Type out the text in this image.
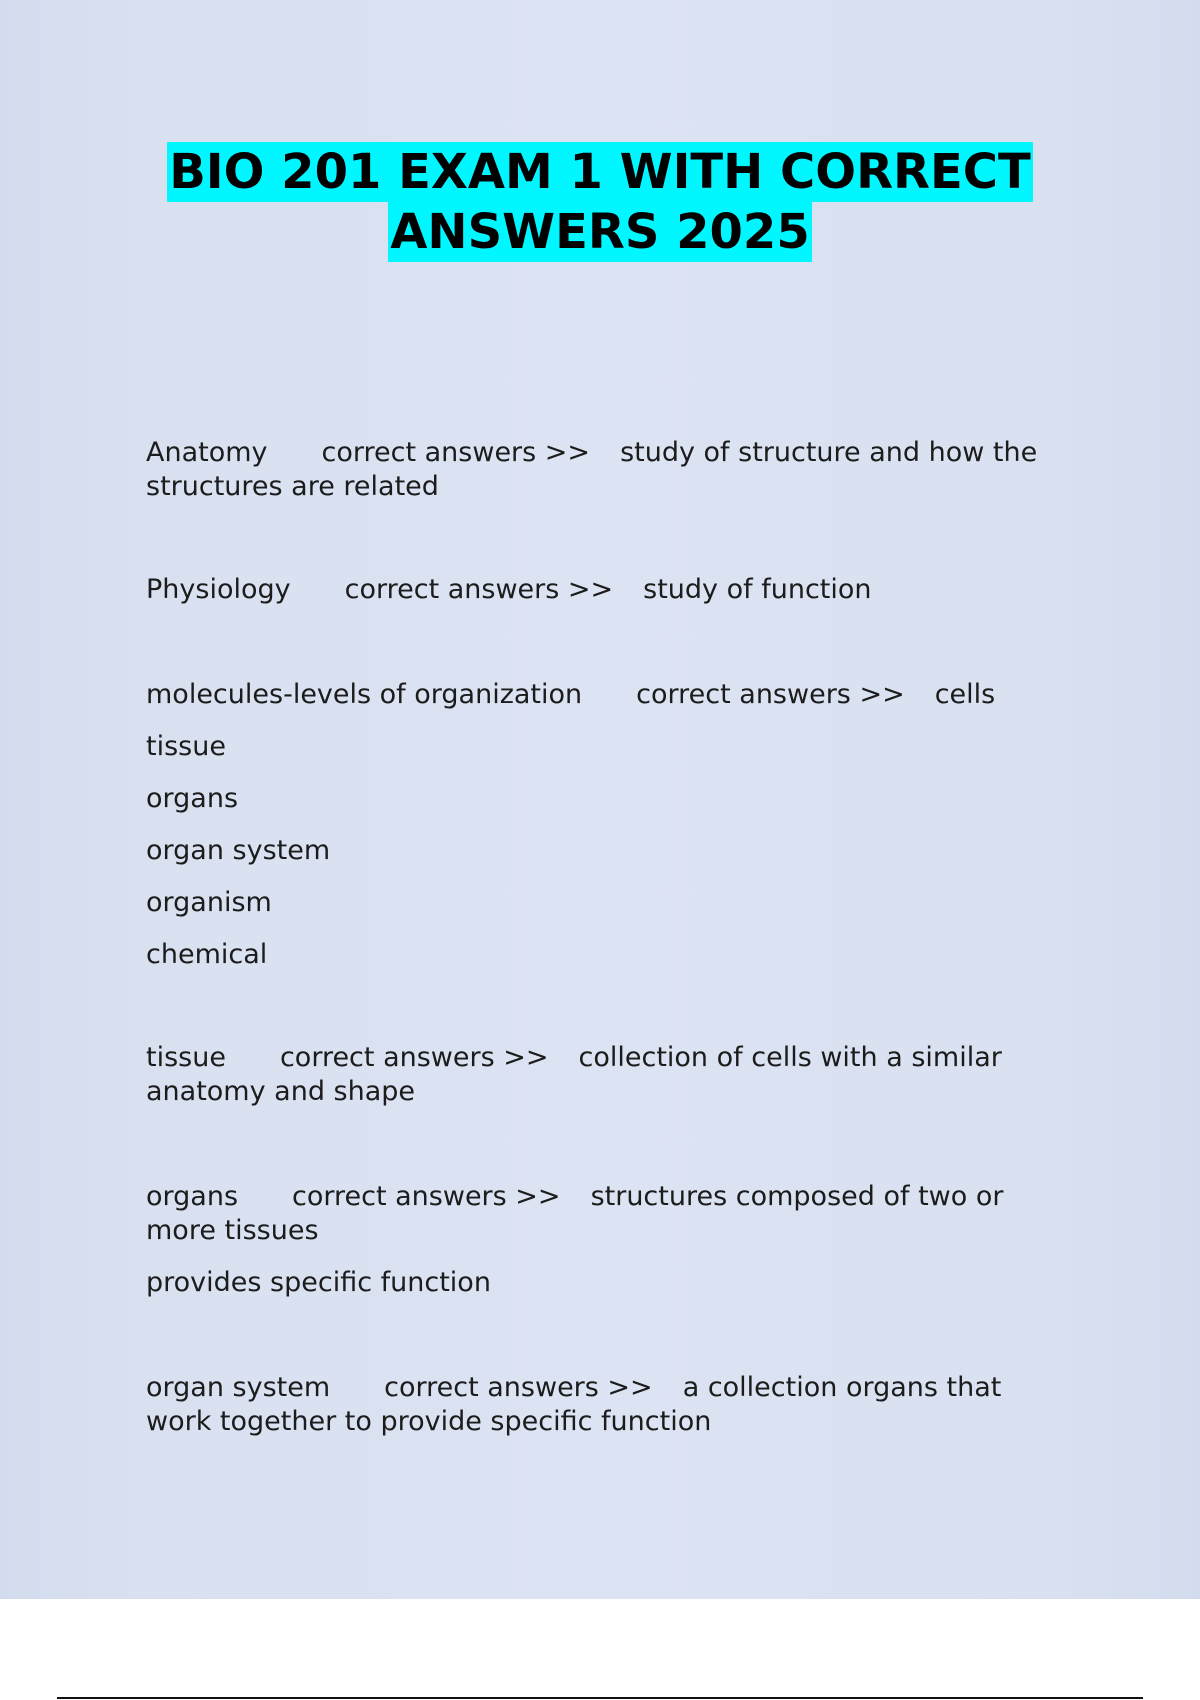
BIO 201 EXAM 1 WITH CORRECT
ANSWERS 2025

Anatomy correct answers >> study of structure and how the

structures are related

Physiology correct answers >> study of function

molecules-levels of organization correct answers >> cells

tissue

organs

organ system

organism

chemical

tissue correct answers >> collection of cells with a similar

anatomy and shape

organs correct answers >> structures composed of two or

more tissues

provides specific function

organ system correct answers >> a collection organs that

work together to provide specific function
